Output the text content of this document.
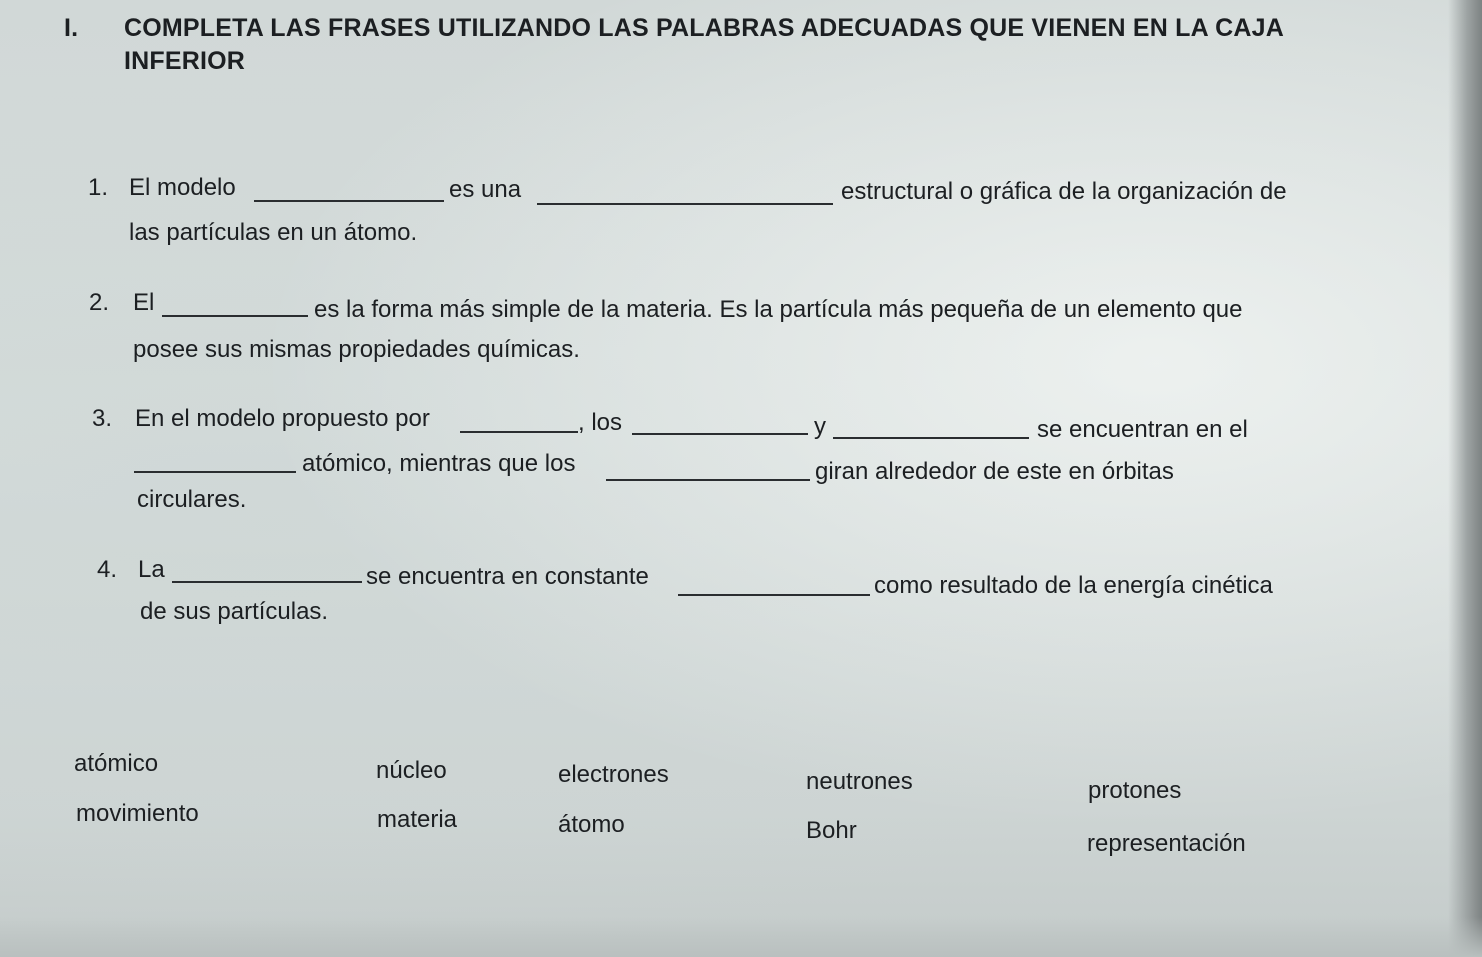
I. COMPLETA LAS FRASES UTILIZANDO LAS PALABRAS ADECUADAS QUE VIENEN EN LA CAJA
INFERIOR
1. El modelo	es una	estructural o gráfica de la organización de
las partículas en un átomo.
2. El	es la forma más simple de la materia. Es la partícula más pequeña de un elemento que
posee sus mismas propiedades químicas.
3. En el modelo propuesto por	, los	y	se encuentran en el
atómico, mientras que los	giran alrededor de este en órbitas
circulares.
4. La	se encuentra en constante	como resultado de la energía cinética
de sus partículas.
atómico
movimiento
núcleo
materia
electrones
átomo
neutrones
Bohr
protones
representación
